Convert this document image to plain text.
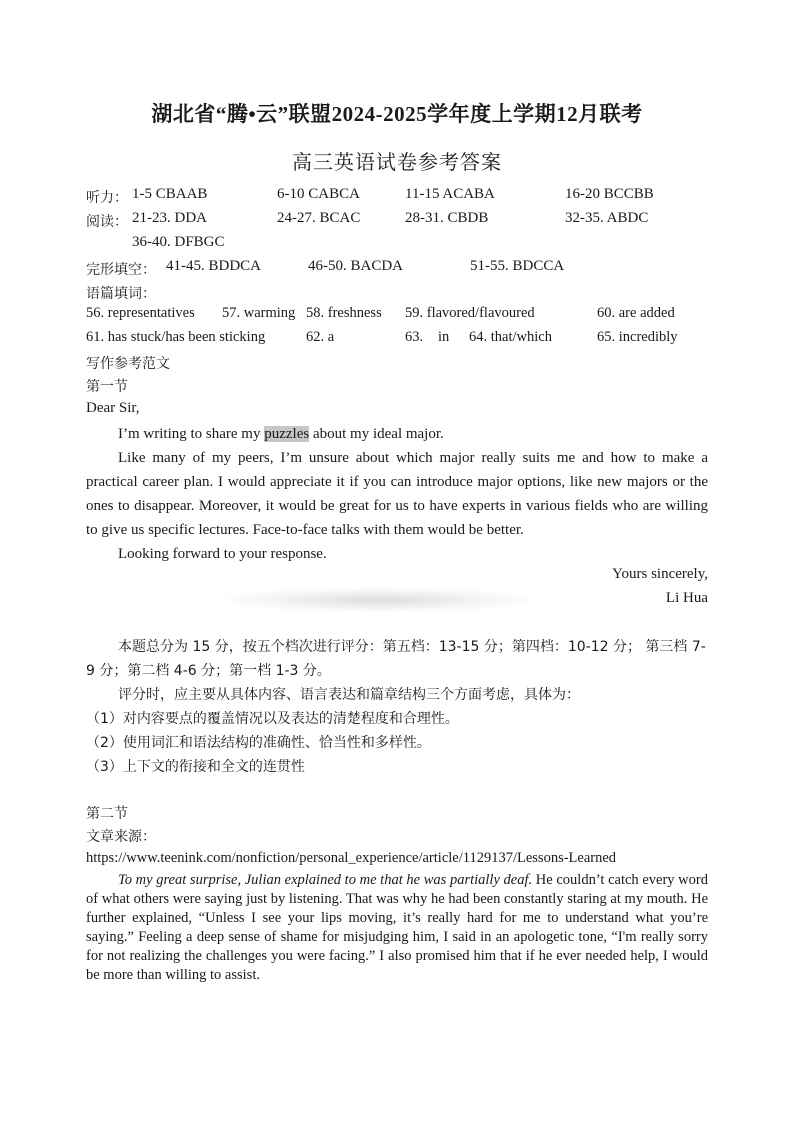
湖北省“腾•云”联盟2024-2025学年度上学期12月联考
高三英语试卷参考答案
听力： 1-5 CBAAB	6-10 CABCA	11-15 ACABA	16-20 BCCBB
阅读： 21-23. DDA	24-27. BCAC	28-31. CBDB	32-35. ABDC
36-40. DFBGC
完形填空： 41-45. BDDCA	46-50. BACDA	51-55. BDCCA
语篇填词：
56. representatives 57. warming 58. freshness 59. flavored/flavoured	60. are added
61. has stuck/has been sticking	62. a	63. in 64. that/which	65. incredibly
写作参考范文
第一节
Dear Sir,

I’m writing to share my puzzles about my ideal major.

Like many of my peers, I’m unsure about which major really suits me and how to make a practical career plan. I would appreciate it if you can introduce major options, like new majors or the ones to disappear. Moreover, it would be great for us to have experts in various fields who are willing to give us specific lectures. Face-to-face talks with them would be better.

Looking forward to your response.

Yours sincerely,
Li Hua
本题总分为 15 分，按五个档次进行评分：第五档：13-15 分；第四档：10-12 分； 第三档 7-9 分；第二档 4-6 分；第一档 1-3 分。
评分时，应主要从具体内容、语言表达和篇章结构三个方面考虑，具体为：
（1）对内容要点的覆盖情况以及表达的清楚程度和合理性。
（2）使用词汇和语法结构的准确性、恰当性和多样性。
（3）上下文的衔接和全文的连贯性
第二节
文章来源：
https://www.teenink.com/nonfiction/personal_experience/article/1129137/Lessons-Learned
To my great surprise, Julian explained to me that he was partially deaf. He couldn’t catch every word of what others were saying just by listening. That was why he had been constantly staring at my mouth. He further explained, “Unless I see your lips moving, it’s really hard for me to understand what you’re saying.” Feeling a deep sense of shame for misjudging him, I said in an apologetic tone, “I'm really sorry for not realizing the challenges you were facing.” I also promised him that if he ever needed help, I would be more than willing to assist.
